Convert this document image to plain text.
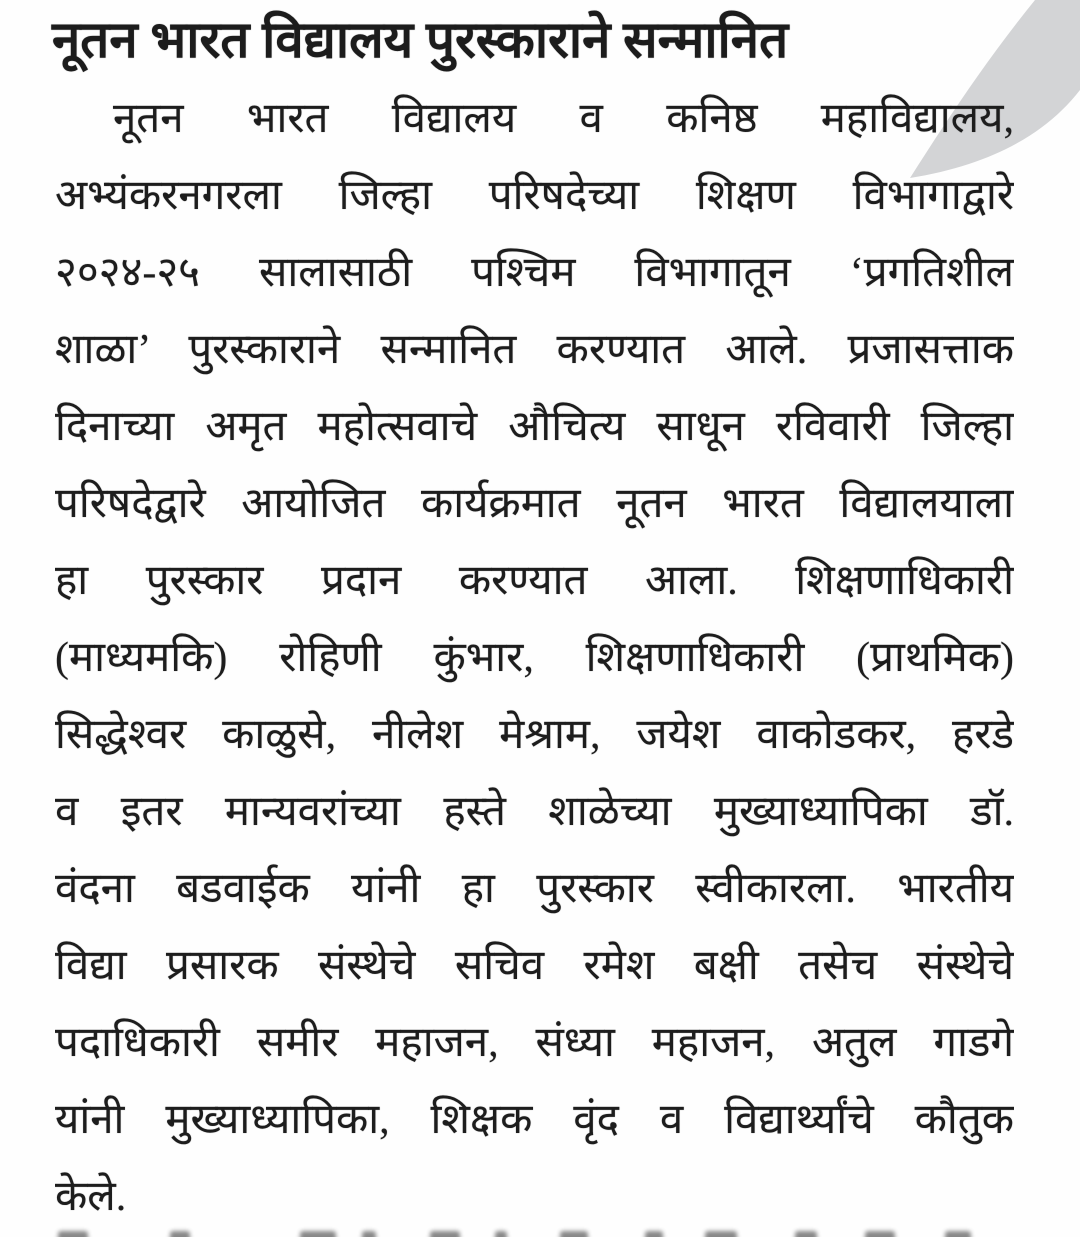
नूतन भारत विद्यालय पुरस्काराने सन्मानित
नूतन भारत विद्यालय व कनिष्ठ महाविद्यालय,
अभ्यंकरनगरला जिल्हा परिषदेच्या शिक्षण विभागाद्वारे
२०२४-२५ सालासाठी पश्चिम विभागातून ‘प्रगतिशील
शाळा’ पुरस्काराने सन्मानित करण्यात आले. प्रजासत्ताक
दिनाच्या अमृत महोत्सवाचे औचित्य साधून रविवारी जिल्हा
परिषदेद्वारे आयोजित कार्यक्रमात नूतन भारत विद्यालयाला
हा पुरस्कार प्रदान करण्यात आला. शिक्षणाधिकारी
(माध्यमकि) रोहिणी कुंभार, शिक्षणाधिकारी (प्राथमिक)
सिद्धेश्वर काळुसे, नीलेश मेश्राम, जयेश वाकोडकर, हरडे
व इतर मान्यवरांच्या हस्ते शाळेच्या मुख्याध्यापिका डॉ.
वंदना बडवाईक यांनी हा पुरस्कार स्वीकारला. भारतीय
विद्या प्रसारक संस्थेचे सचिव रमेश बक्षी तसेच संस्थेचे
पदाधिकारी समीर महाजन, संध्या महाजन, अतुल गाडगे
यांनी मुख्याध्यापिका, शिक्षक वृंद व विद्यार्थ्यांचे कौतुक
केले.
